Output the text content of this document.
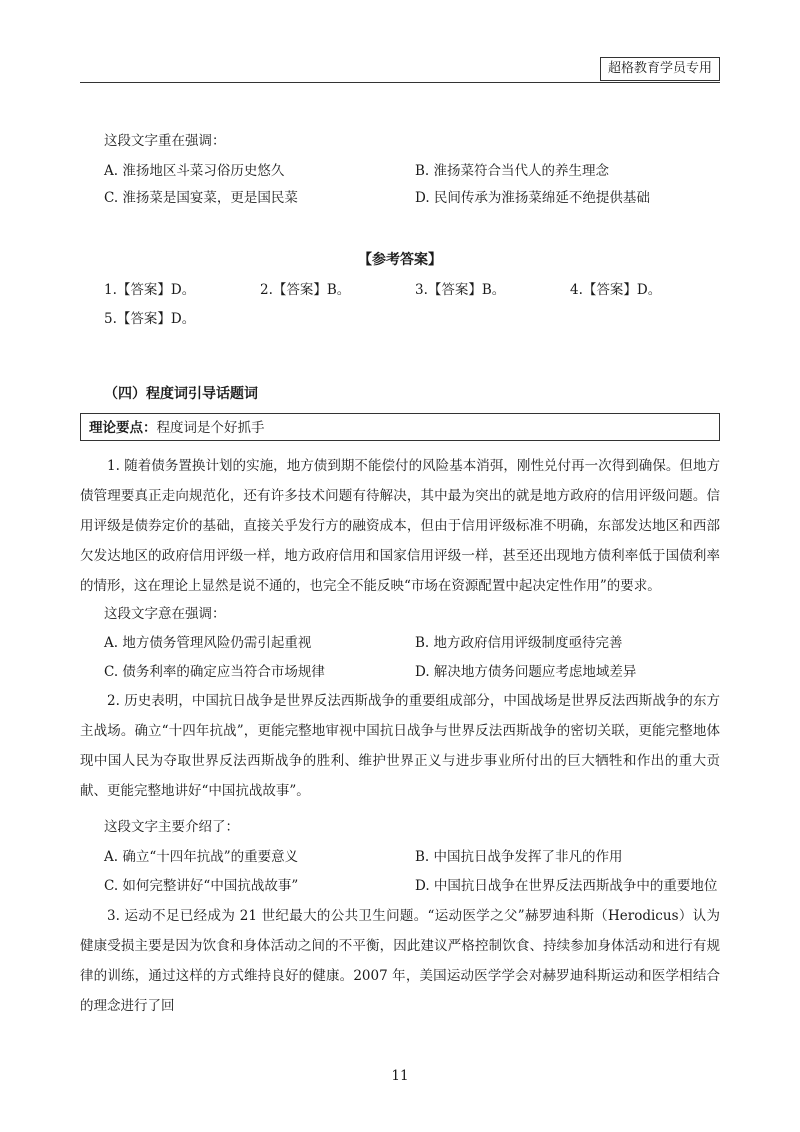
超格教育学员专用
这段文字重在强调：
A. 淮扬地区斗菜习俗历史悠久	B. 淮扬菜符合当代人的养生理念
C. 淮扬菜是国宴菜，更是国民菜	D. 民间传承为淮扬菜绵延不绝提供基础
【参考答案】
1.【答案】D。	2.【答案】B。	3.【答案】B。	4.【答案】D。
5.【答案】D。
（四）程度词引导话题词
理论要点：程度词是个好抓手

1. 随着债务置换计划的实施，地方债到期不能偿付的风险基本消弭，刚性兑付再一次得到确保。但地方债管理要真正走向规范化，还有许多技术问题有待解决，其中最为突出的就是地方政府的信用评级问题。信用评级是债券定价的基础，直接关乎发行方的融资成本，但由于信用评级标准不明确，东部发达地区和西部欠发达地区的政府信用评级一样，地方政府信用和国家信用评级一样，甚至还出现地方债利率低于国债利率的情形，这在理论上显然是说不通的，也完全不能反映“市场在资源配置中起决定性作用”的要求。

这段文字意在强调：
A. 地方债务管理风险仍需引起重视	B. 地方政府信用评级制度亟待完善
C. 债务利率的确定应当符合市场规律	D. 解决地方债务问题应考虑地域差异

2. 历史表明，中国抗日战争是世界反法西斯战争的重要组成部分，中国战场是世界反法西斯战争的东方主战场。确立“十四年抗战”，更能完整地审视中国抗日战争与世界反法西斯战争的密切关联，更能完整地体现中国人民为夺取世界反法西斯战争的胜利、维护世界正义与进步事业所付出的巨大牺牲和作出的重大贡献、更能完整地讲好“中国抗战故事”。

这段文字主要介绍了：
A. 确立“十四年抗战”的重要意义	B. 中国抗日战争发挥了非凡的作用
C. 如何完整讲好“中国抗战故事”	D. 中国抗日战争在世界反法西斯战争中的重要地位

3. 运动不足已经成为 21 世纪最大的公共卫生问题。“运动医学之父”赫罗迪科斯（Herodicus）认为健康受损主要是因为饮食和身体活动之间的不平衡，因此建议严格控制饮食、持续参加身体活动和进行有规律的训练，通过这样的方式维持良好的健康。2007 年，美国运动医学学会对赫罗迪科斯运动和医学相结合的理念进行了回

11
